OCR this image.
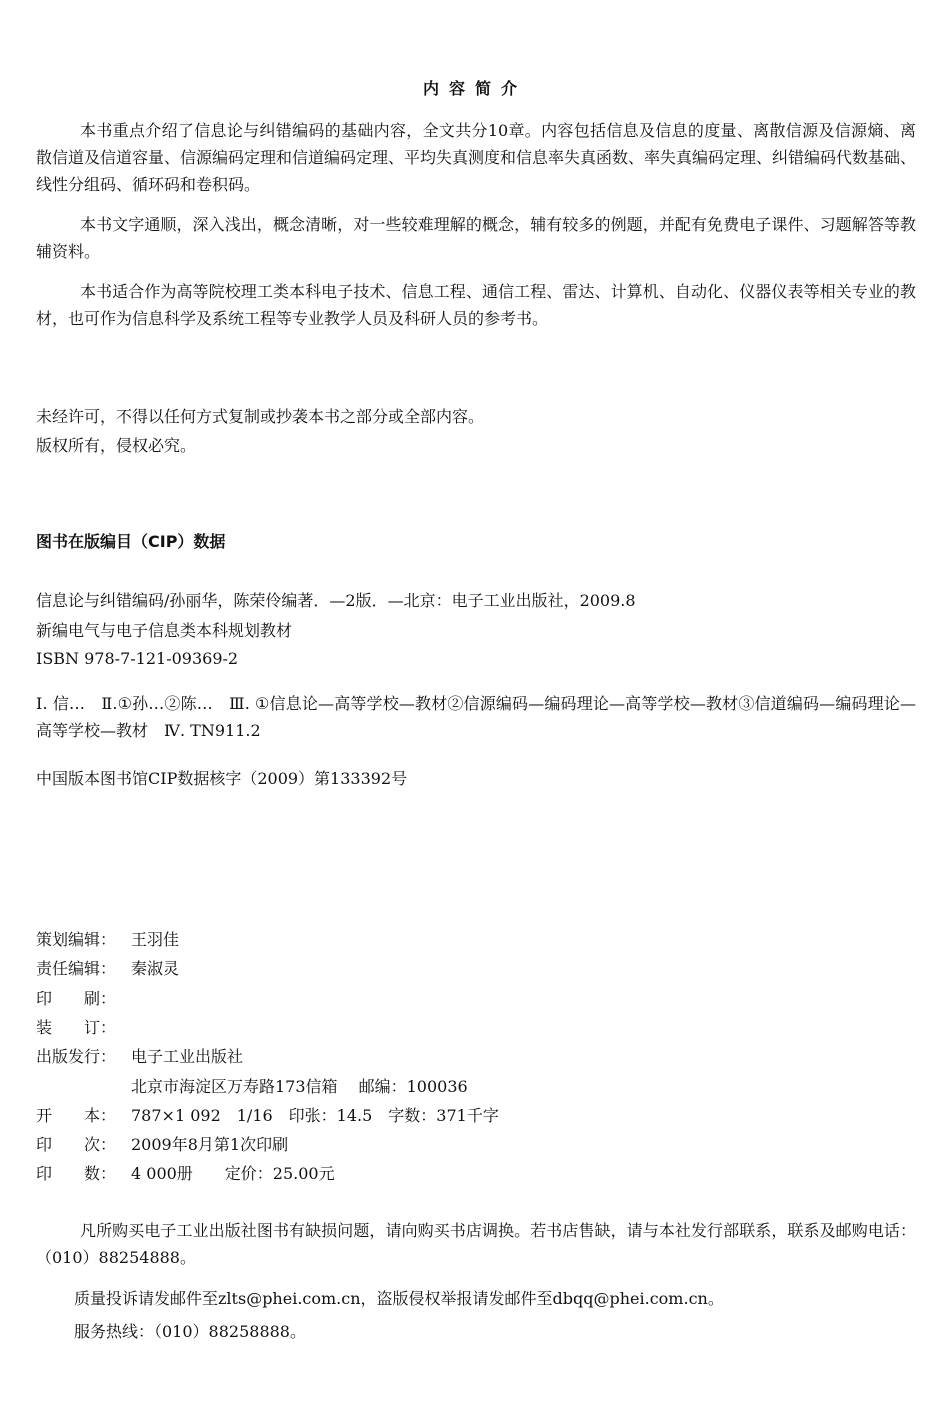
内容简介

本书重点介绍了信息论与纠错编码的基础内容，全文共分10章。内容包括信息及信息的度量、离散信源及信源熵、离散信道及信道容量、信源编码定理和信道编码定理、平均失真测度和信息率失真函数、率失真编码定理、纠错编码代数基础、线性分组码、循环码和卷积码。

本书文字通顺，深入浅出，概念清晰，对一些较难理解的概念，辅有较多的例题，并配有免费电子课件、习题解答等教辅资料。

本书适合作为高等院校理工类本科电子技术、信息工程、通信工程、雷达、计算机、自动化、仪器仪表等相关专业的教材，也可作为信息科学及系统工程等专业教学人员及科研人员的参考书。

未经许可，不得以任何方式复制或抄袭本书之部分或全部内容。

版权所有，侵权必究。

图书在版编目（CIP）数据

信息论与纠错编码/孙丽华，陈荣伶编著．—2版．—北京：电子工业出版社，2009.8

新编电气与电子信息类本科规划教材

ISBN 978-7-121-09369-2

Ⅰ. 信…　Ⅱ.①孙…②陈…　Ⅲ. ①信息论—高等学校—教材②信源编码—编码理论—高等学校—教材③信道编码—编码理论—高等学校—教材　Ⅳ. TN911.2

中国版本图书馆CIP数据核字（2009）第133392号

策划编辑： 王羽佳
责任编辑： 秦淑灵
印　　刷：
装　　订：
出版发行： 电子工业出版社
北京市海淀区万寿路173信箱　 邮编：100036
开　　本： 787×1 092　1/16　印张：14.5　字数：371千字
印　　次： 2009年8月第1次印刷
印　　数： 4 000册　　定价：25.00元

凡所购买电子工业出版社图书有缺损问题，请向购买书店调换。若书店售缺，请与本社发行部联系，联系及邮购电话：（010）88254888。

质量投诉请发邮件至zlts@phei.com.cn，盗版侵权举报请发邮件至dbqq@phei.com.cn。

服务热线：（010）88258888。
